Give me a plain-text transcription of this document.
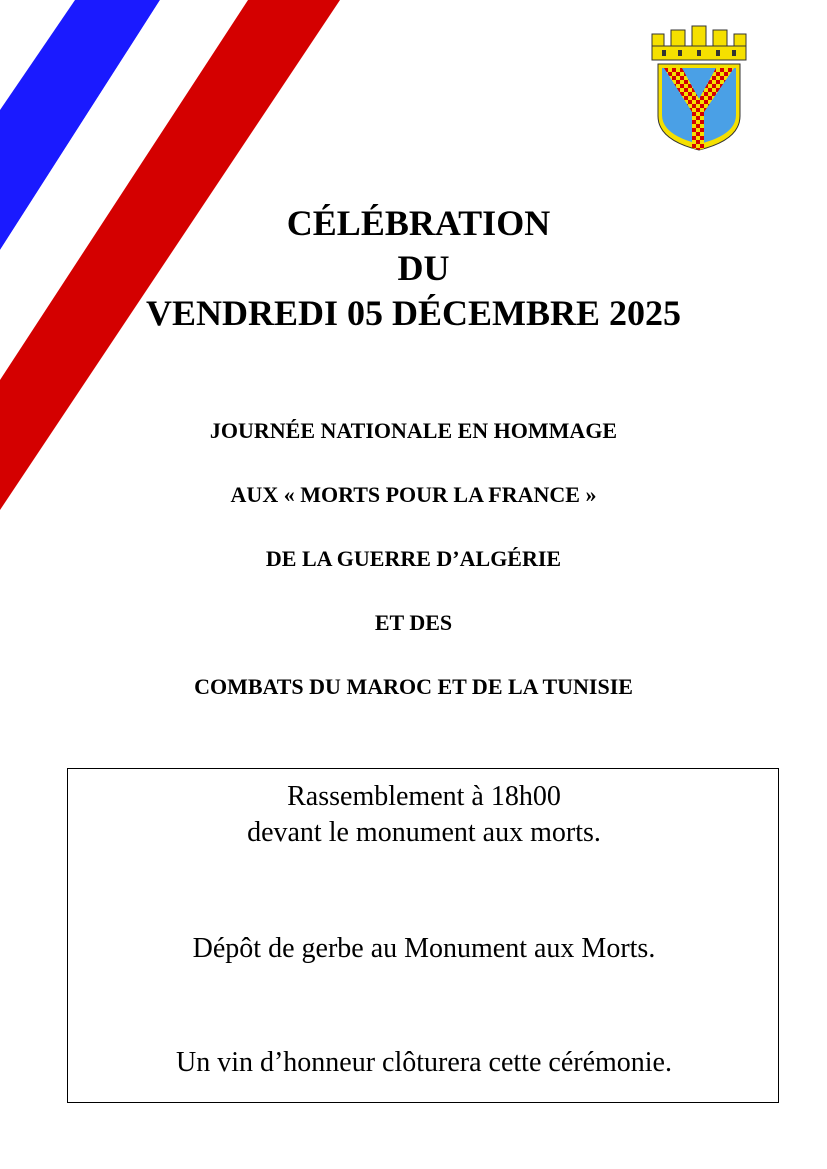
CÉLÉBRATION
DU
VENDREDI 05 DÉCEMBRE 2025
JOURNÉE NATIONALE EN HOMMAGE
AUX « MORTS POUR LA FRANCE »
DE LA GUERRE D’ALGÉRIE
ET DES
COMBATS DU MAROC ET DE LA TUNISIE
Rassemblement à 18h00
devant le monument aux morts.
Dépôt de gerbe au Monument aux Morts.
Un vin d’honneur clôturera cette cérémonie.
